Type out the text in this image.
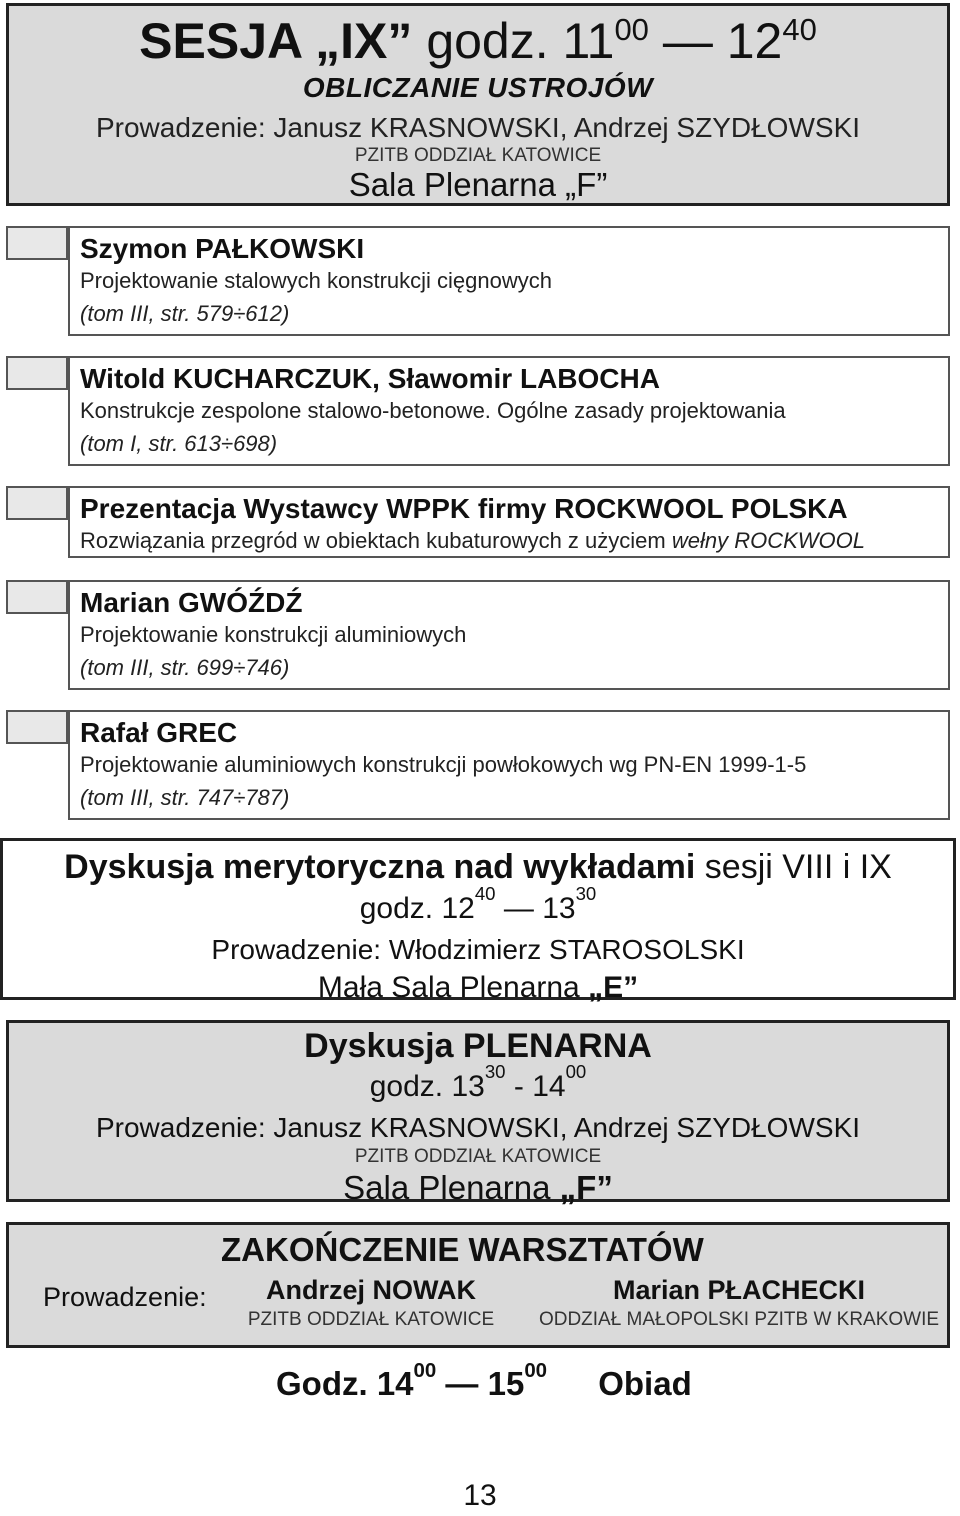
SESJA „IX” godz. $11^{00}$ — $12^{40}$
OBLICZANIE USTROJÓW
Prowadzenie: Janusz KRASNOWSKI, Andrzej SZYDŁOWSKI
PZITB ODDZIAŁ KATOWICE
Sala Plenarna „F”
Szymon PAŁKOWSKI
Projektowanie stalowych konstrukcji cięgnowych
(tom III, str. 579÷612)
Witold KUCHARCZUK, Sławomir LABOCHA
Konstrukcje zespolone stalowo-betonowe. Ogólne zasady projektowania
(tom I, str. 613÷698)
Prezentacja Wystawcy WPPK firmy ROCKWOOL POLSKA
Rozwiązania przegród w obiektach kubaturowych z użyciem wełny ROCKWOOL
Marian GWÓŹDŹ
Projektowanie konstrukcji aluminiowych
(tom III, str. 699÷746)
Rafał GREC
Projektowanie aluminiowych konstrukcji powłokowych wg PN-EN 1999-1-5
(tom III, str. 747÷787)
Dyskusja merytoryczna nad wykładami sesji VIII i IX
godz. $12^{40}$ — $13^{30}$
Prowadzenie: Włodzimierz STAROSOLSKI
Mała Sala Plenarna „E”
Dyskusja PLENARNA
godz. $13^{30} - 14^{00}$
Prowadzenie: Janusz KRASNOWSKI, Andrzej SZYDŁOWSKI
PZITB ODDZIAŁ KATOWICE
Sala Plenarna „F”
ZAKOŃCZENIE WARSZTATÓW
Prowadzenie:	Andrzej NOWAK
PZITB ODDZIAŁ KATOWICE
Marian PŁACHECKI
ODDZIAŁ MAŁOPOLSKI PZITB W KRAKOWIE
Godz. $14^{00}$ — $15^{00}$ Obiad
13
